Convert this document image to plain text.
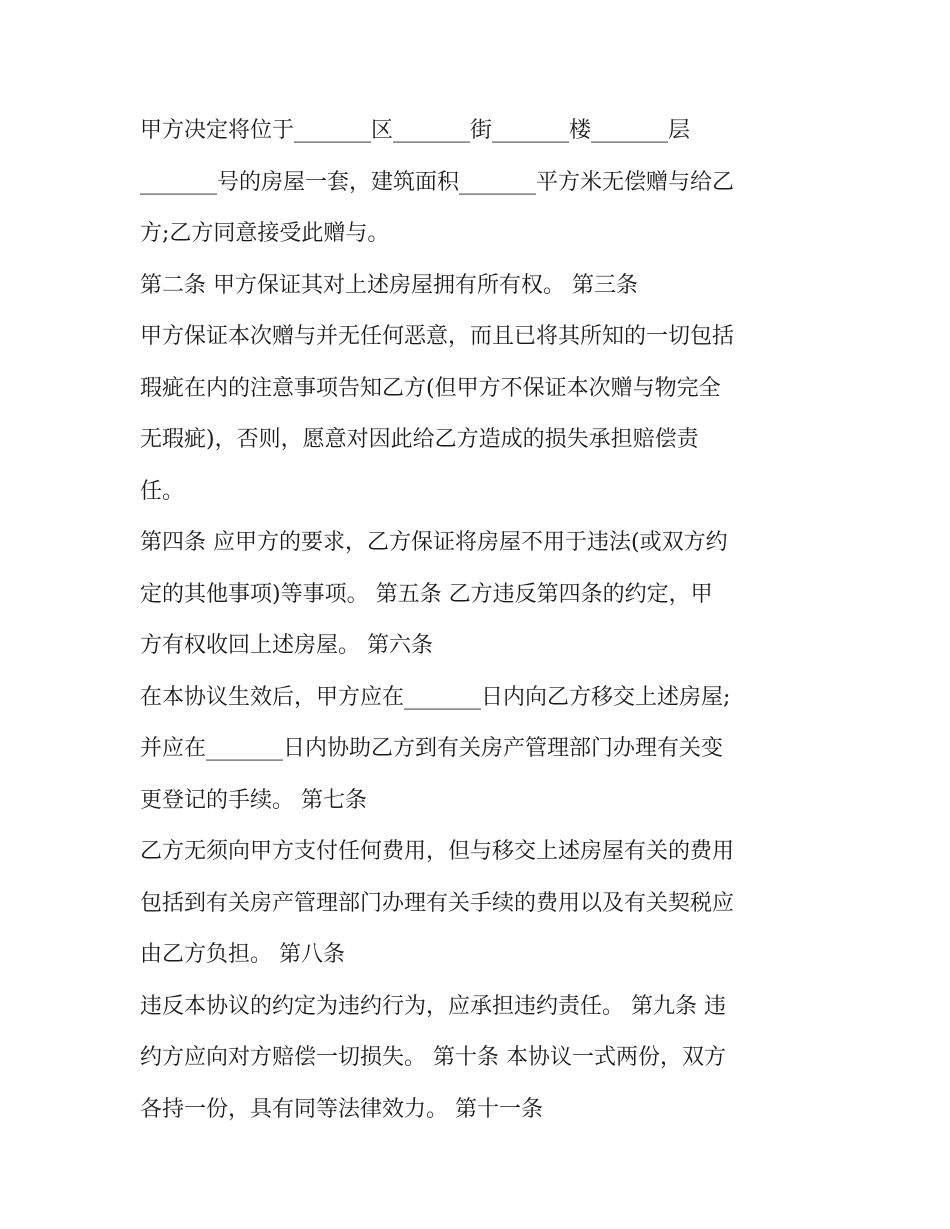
甲方决定将位于_______区_______街_______楼_______层
_______号的房屋一套，建筑面积_______平方米无偿赠与给乙
方;乙方同意接受此赠与。
第二条 甲方保证其对上述房屋拥有所有权。 第三条
甲方保证本次赠与并无任何恶意，而且已将其所知的一切包括
瑕疵在内的注意事项告知乙方(但甲方不保证本次赠与物完全
无瑕疵)，否则，愿意对因此给乙方造成的损失承担赔偿责
任。
第四条 应甲方的要求，乙方保证将房屋不用于违法(或双方约
定的其他事项)等事项。 第五条 乙方违反第四条的约定，甲
方有权收回上述房屋。 第六条
在本协议生效后，甲方应在_______日内向乙方移交上述房屋;
并应在_______日内协助乙方到有关房产管理部门办理有关变
更登记的手续。 第七条
乙方无须向甲方支付任何费用，但与移交上述房屋有关的费用
包括到有关房产管理部门办理有关手续的费用以及有关契税应
由乙方负担。 第八条
违反本协议的约定为违约行为，应承担违约责任。 第九条 违
约方应向对方赔偿一切损失。 第十条 本协议一式两份，双方
各持一份，具有同等法律效力。 第十一条
